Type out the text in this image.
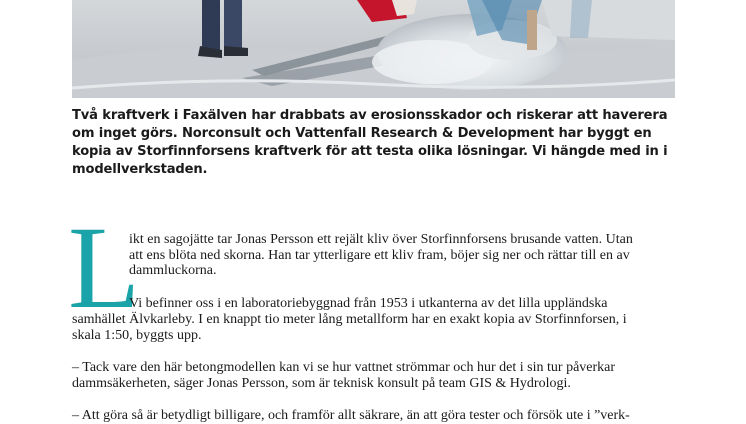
Två kraftverk i Faxälven har drabbats av erosionsskador och riskerar att haverera om inget görs. Norconsult och Vattenfall Research & Development har byggt en kopia av Storfinnforsens kraftverk för att testa olika lösningar. Vi hängde med in i modellverkstaden.

L

ikt en sagojätte tar Jonas Persson ett rejält kliv över Storfinnforsens brusande vatten. Utan

att ens blöta ned skorna. Han tar ytterligare ett kliv fram, böjer sig ner och rättar till en av

dammluckorna.

Vi befinner oss i en laboratoriebyggnad från 1953 i utkanterna av det lilla uppländska

samhället Älvkarleby. I en knappt tio meter lång metallform har en exakt kopia av Storfinnforsen, i

skala 1:50, byggts upp.

– Tack vare den här betongmodellen kan vi se hur vattnet strömmar och hur det i sin tur påverkar

dammsäkerheten, säger Jonas Persson, som är teknisk konsult på team GIS & Hydrologi.

– Att göra så är betydligt billigare, och framför allt säkrare, än att göra tester och försök ute i ”verk-
